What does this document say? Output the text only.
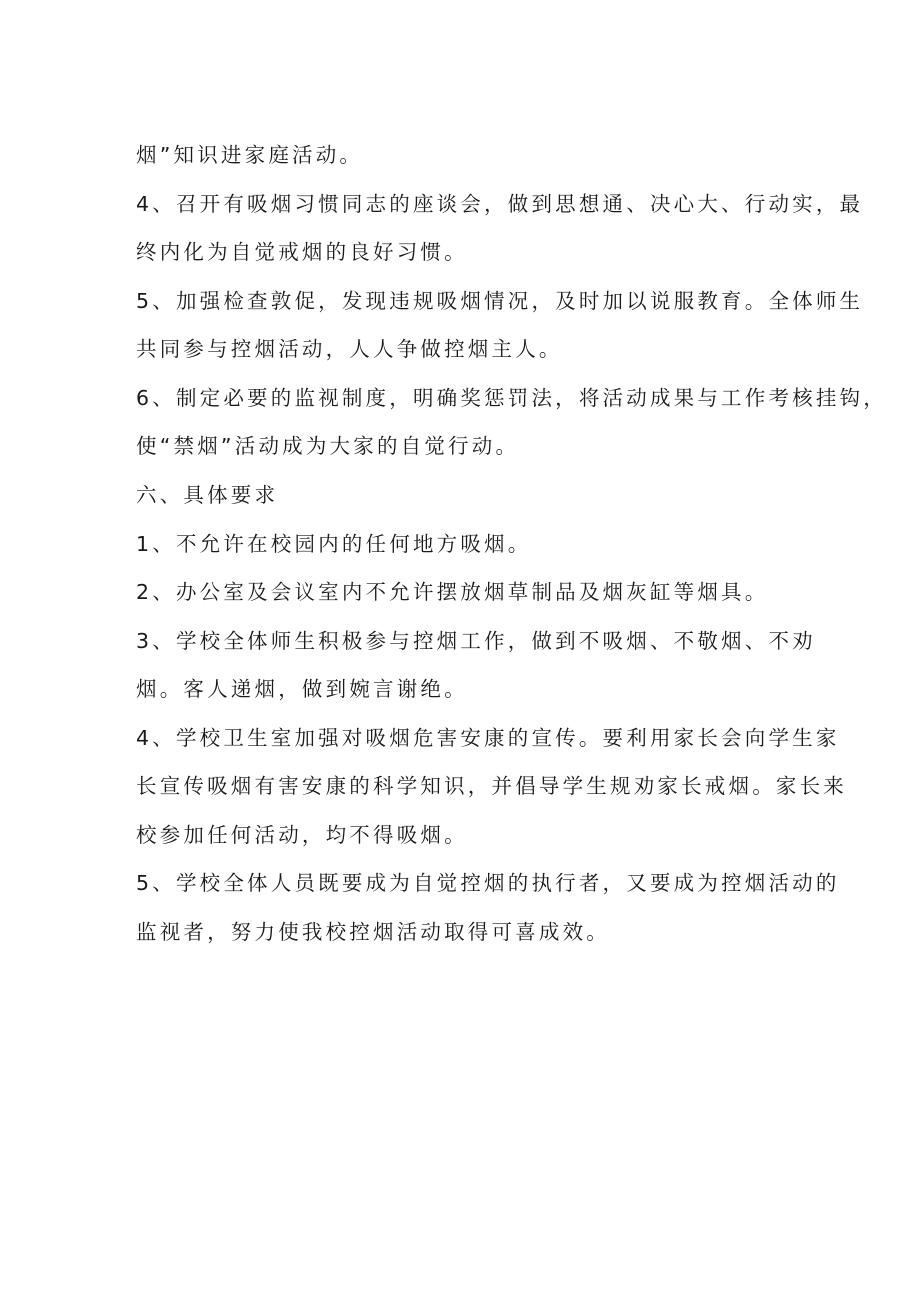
烟”知识进家庭活动。
4、召开有吸烟习惯同志的座谈会，做到思想通、决心大、行动实，最
终内化为自觉戒烟的良好习惯。
5、加强检查敦促，发现违规吸烟情况，及时加以说服教育。全体师生
共同参与控烟活动，人人争做控烟主人。
6、制定必要的监视制度，明确奖惩罚法，将活动成果与工作考核挂钩，
使“禁烟”活动成为大家的自觉行动。
六、具体要求
1、不允许在校园内的任何地方吸烟。
2、办公室及会议室内不允许摆放烟草制品及烟灰缸等烟具。
3、学校全体师生积极参与控烟工作，做到不吸烟、不敬烟、不劝
烟。客人递烟，做到婉言谢绝。
4、学校卫生室加强对吸烟危害安康的宣传。要利用家长会向学生家
长宣传吸烟有害安康的科学知识，并倡导学生规劝家长戒烟。家长来
校参加任何活动，均不得吸烟。
5、学校全体人员既要成为自觉控烟的执行者，又要成为控烟活动的
监视者，努力使我校控烟活动取得可喜成效。
